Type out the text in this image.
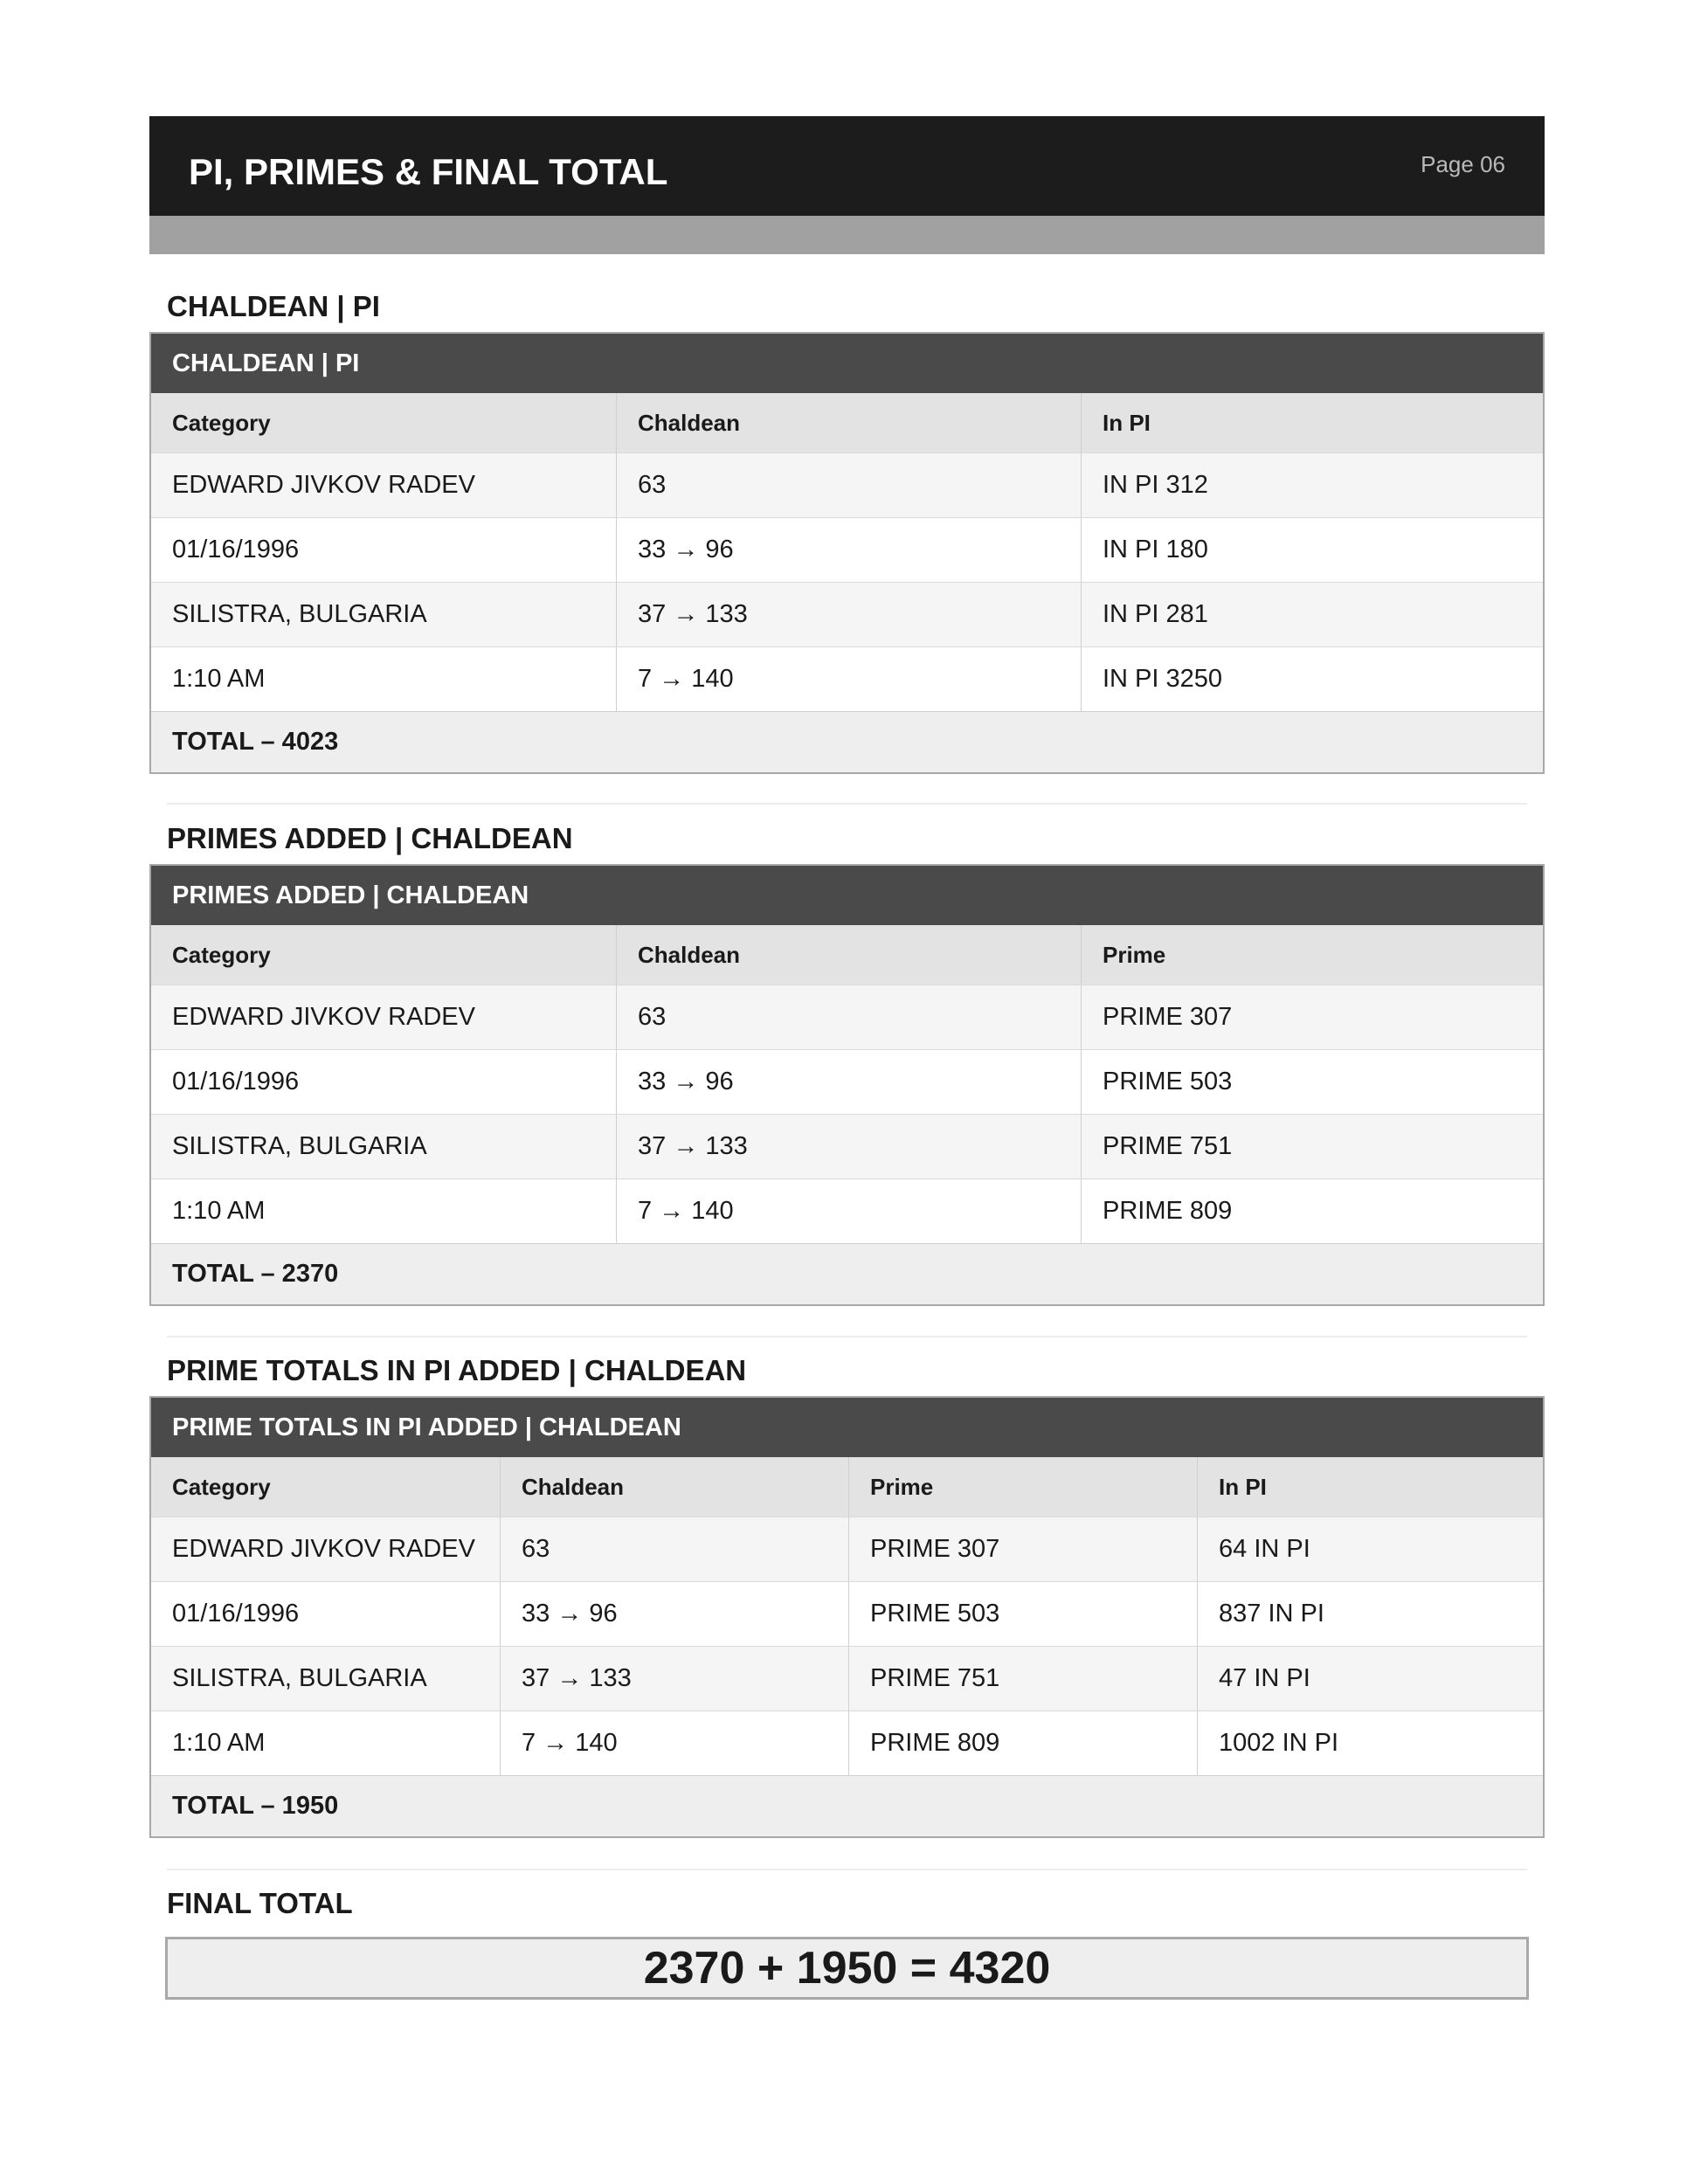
PI, PRIMES & FINAL TOTAL	Page 06
CHALDEAN | PI
CHALDEAN | PI
Category	Chaldean	In PI
EDWARD JIVKOV RADEV	63	IN PI 312
01/16/1996	33 → 96	IN PI 180
SILISTRA, BULGARIA	37 → 133	IN PI 281
1:10 AM	7 → 140	IN PI 3250
TOTAL – 4023
PRIMES ADDED | CHALDEAN
PRIMES ADDED | CHALDEAN
Category	Chaldean	Prime
EDWARD JIVKOV RADEV	63	PRIME 307
01/16/1996	33 → 96	PRIME 503
SILISTRA, BULGARIA	37 → 133	PRIME 751
1:10 AM	7 → 140	PRIME 809
TOTAL – 2370
PRIME TOTALS IN PI ADDED | CHALDEAN
PRIME TOTALS IN PI ADDED | CHALDEAN
Category	Chaldean	Prime	In PI
EDWARD JIVKOV RADEV	63	PRIME 307	64 IN PI
01/16/1996	33 → 96	PRIME 503	837 IN PI
SILISTRA, BULGARIA	37 → 133	PRIME 751	47 IN PI
1:10 AM	7 → 140	PRIME 809	1002 IN PI
TOTAL – 1950
FINAL TOTAL
2370 + 1950 = 4320
